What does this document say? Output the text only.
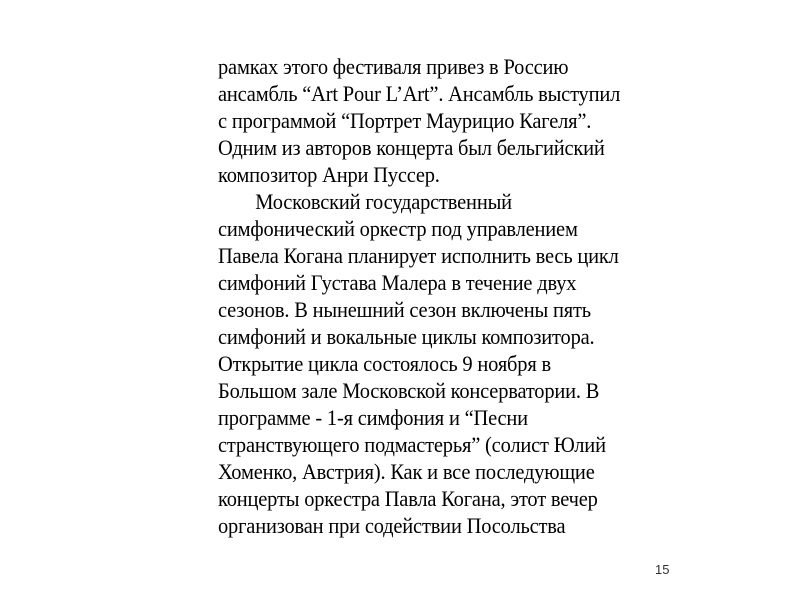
рамках этого фестиваля привез в Россию
ансамбль “Art Pour L’Art”. Ансамбль выступил
с программой “Портрет Маурицио Кагеля”.
Одним из авторов концерта был бельгийский
композитор Анри Пуссер.
Московский государственный
симфонический оркестр под управлением
Павела Когана планирует исполнить весь цикл
симфоний Густава Малера в течение двух
сезонов. В нынешний сезон включены пять
симфоний и вокальные циклы композитора.
Открытие цикла состоялось 9 ноября в
Большом зале Московской консерватории. В
программе - 1-я симфония и “Песни
странствующего подмастерья” (солист Юлий
Хоменко, Австрия). Как и все последующие
концерты оркестра Павла Когана, этот вечер
организован при содействии Посольства
15
